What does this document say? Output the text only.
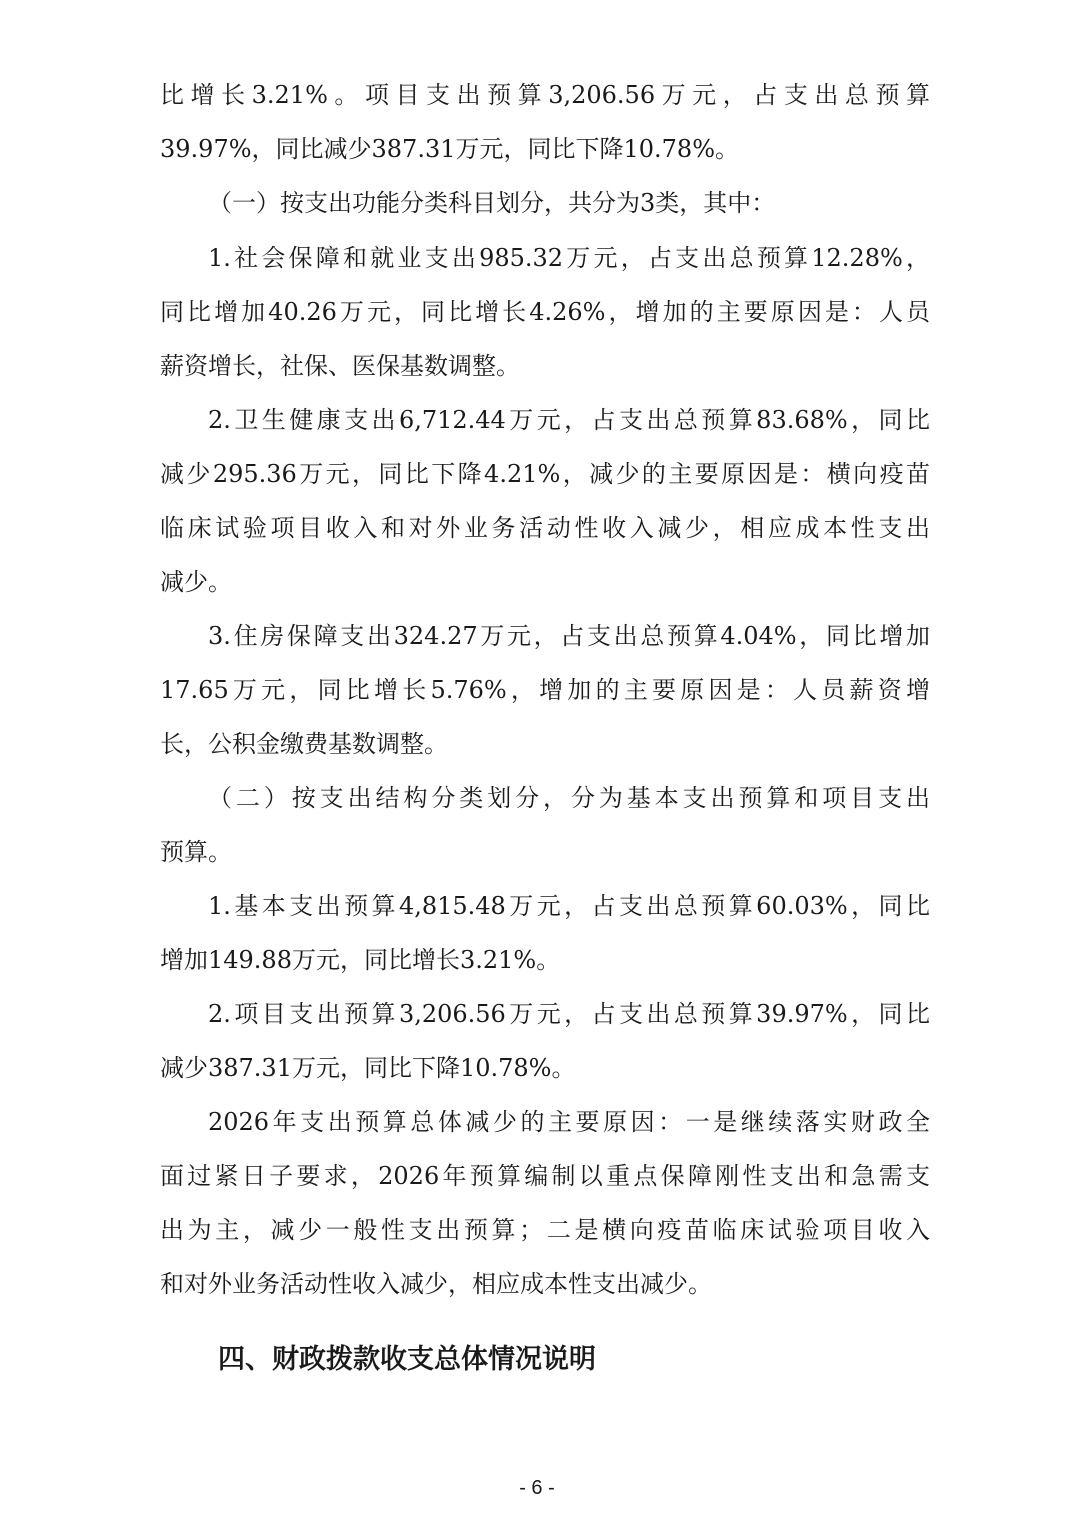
比增长3.21%。项目支出预算3,206.56万元，占支出总预算
39.97%，同比减少387.31万元，同比下降10.78%。
（一）按支出功能分类科目划分，共分为3类，其中：
1.社会保障和就业支出985.32万元，占支出总预算12.28%，
同比增加40.26万元，同比增长4.26%，增加的主要原因是：人员
薪资增长，社保、医保基数调整。
2.卫生健康支出6,712.44万元，占支出总预算83.68%，同比
减少295.36万元，同比下降4.21%，减少的主要原因是：横向疫苗
临床试验项目收入和对外业务活动性收入减少，相应成本性支出
减少。
3.住房保障支出324.27万元，占支出总预算4.04%，同比增加
17.65万元，同比增长5.76%，增加的主要原因是：人员薪资增
长，公积金缴费基数调整。
（二）按支出结构分类划分，分为基本支出预算和项目支出
预算。
1.基本支出预算4,815.48万元，占支出总预算60.03%，同比
增加149.88万元，同比增长3.21%。
2.项目支出预算3,206.56万元，占支出总预算39.97%，同比
减少387.31万元，同比下降10.78%。
2026年支出预算总体减少的主要原因：一是继续落实财政全
面过紧日子要求，2026年预算编制以重点保障刚性支出和急需支
出为主，减少一般性支出预算；二是横向疫苗临床试验项目收入
和对外业务活动性收入减少，相应成本性支出减少。
四、财政拨款收支总体情况说明
- 6 -
